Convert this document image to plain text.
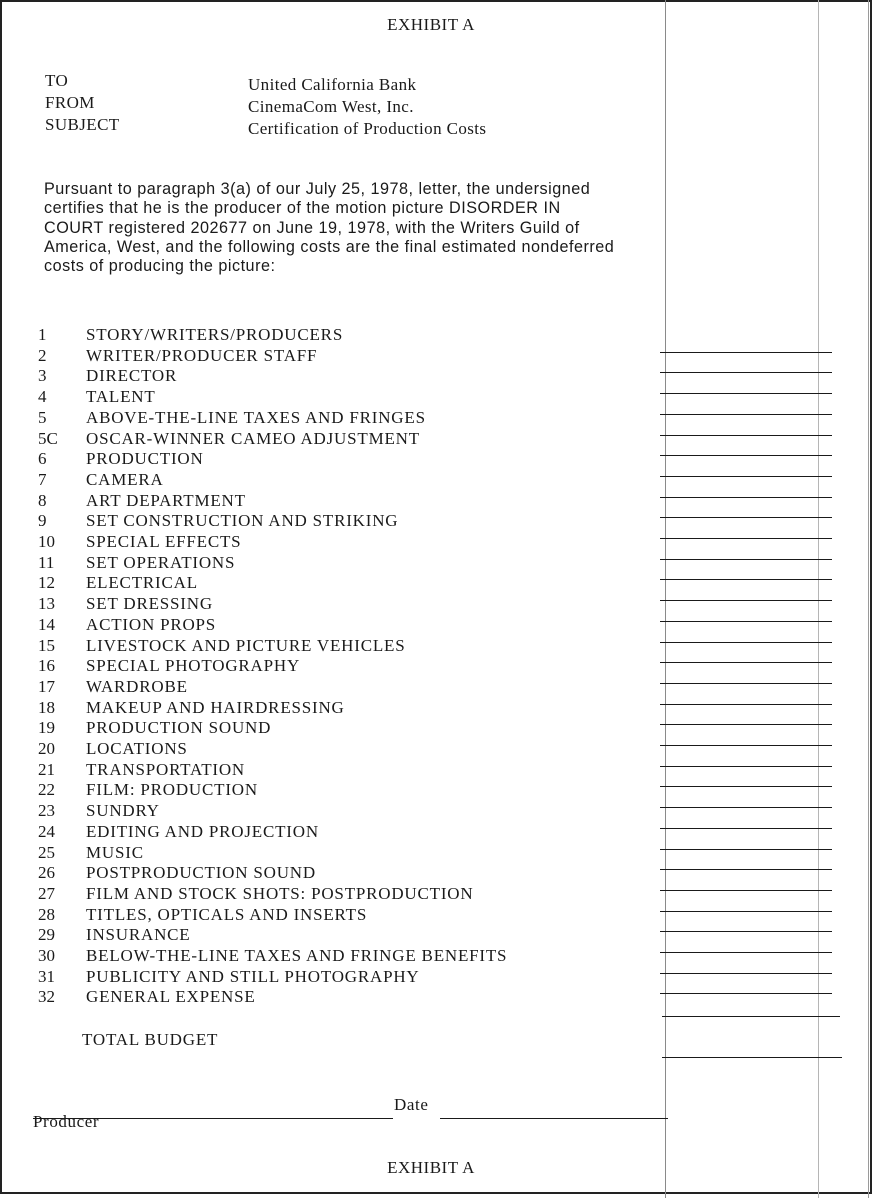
EXHIBIT A
TO
FROM
SUBJECT
United California Bank
CinemaCom West, Inc.
Certification of Production Costs
Pursuant to paragraph 3(a) of our July 25, 1978, letter, the undersigned
certifies that he is the producer of the motion picture DISORDER IN
COURT registered 202677 on June 19, 1978, with the Writers Guild of
America, West, and the following costs are the final estimated nondeferred
costs of producing the picture:
1 STORY/WRITERS/PRODUCERS
2 WRITER/PRODUCER STAFF
3 DIRECTOR
4 TALENT
5 ABOVE-THE-LINE TAXES AND FRINGES
5C OSCAR-WINNER CAMEO ADJUSTMENT
6 PRODUCTION
7 CAMERA
8 ART DEPARTMENT
9 SET CONSTRUCTION AND STRIKING
10 SPECIAL EFFECTS
11 SET OPERATIONS
12 ELECTRICAL
13 SET DRESSING
14 ACTION PROPS
15 LIVESTOCK AND PICTURE VEHICLES
16 SPECIAL PHOTOGRAPHY
17 WARDROBE
18 MAKEUP AND HAIRDRESSING
19 PRODUCTION SOUND
20 LOCATIONS
21 TRANSPORTATION
22 FILM: PRODUCTION
23 SUNDRY
24 EDITING AND PROJECTION
25 MUSIC
26 POSTPRODUCTION SOUND
27 FILM AND STOCK SHOTS: POSTPRODUCTION
28 TITLES, OPTICALS AND INSERTS
29 INSURANCE
30 BELOW-THE-LINE TAXES AND FRINGE BENEFITS
31 PUBLICITY AND STILL PHOTOGRAPHY
32 GENERAL EXPENSE
TOTAL BUDGET
Date
Producer
EXHIBIT A
